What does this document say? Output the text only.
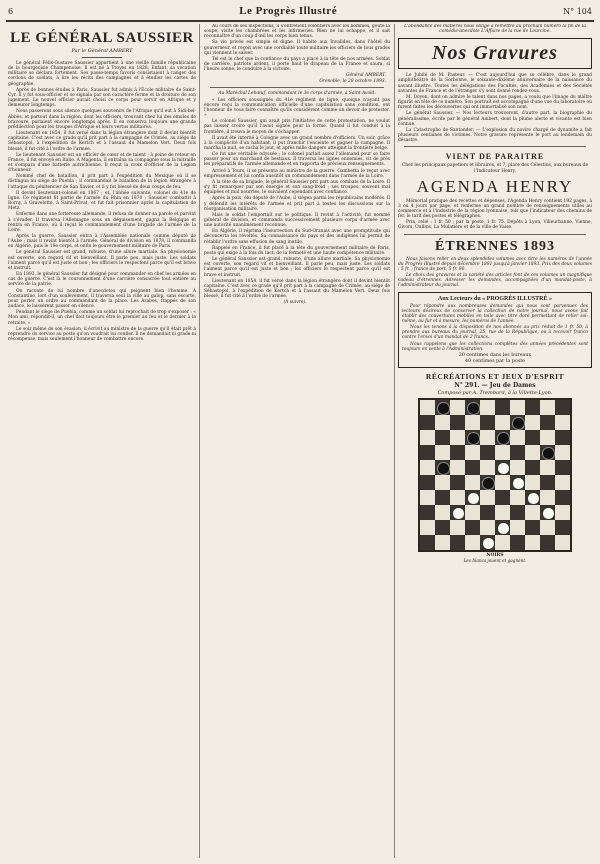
6	Le Progrès Illustré	N° 104
LE GÉNÉRAL SAUSSIER
Par le Général AMBERT

Le général Félix-Gustave Saussier appartient à une vieille famille républicaine de la bourgeoisie Champenoise. Il est né à Troyes en 1828. Enfant, sa vocation militaire se déclara fortement. Ses passe-temps favoris consistaient à ranger des cordons de soldats, à lire les récits des campagnes et à étudier les cartes de géographie.

Après de bonnes études à Paris, Saussier fut admis à l'École militaire de Saint-Cyr. Il y fut sous-officier et se signala par son caractère ferme et la droiture de son jugement. Le nouvel officier aurait choisi ce corps pour servir en Afrique et y demeurer longtemps.

Nous passerons sous silence quelques souvenirs de l'Afrique qu'il eut à Sidi-bel-Abbès, et partout dans la région, dont les officiers, trouvant chez lui des émules de bravoure, parlaient encore longtemps après. Il en conserva toujours une grande prédilection pour les troupes d'Afrique et leurs vertus militaires.

Lieutenant en 1854, il fut versé dans la légion étrangère dont il devint bientôt capitaine. C'est avec ce grade qu'il prit part à la campagne de Crimée, au siège de Sébastopol, à l'expédition de Kertch et à l'assaut du Mamelon Vert. Deux fois blessé, il fut cité à l'ordre de l'armée.

Le lieutenant Saussier est un officier de cœur et de talent ; à peine de retour en France, il fut envoyé en Italie. À Magenta, il entraîna sa compagnie sous la mitraille et s'empara d'une batterie autrichienne. Il reçut la croix d'officier de la Légion d'honneur.

Nommé chef de bataillon, il prit part à l'expédition du Mexique où il se distingua au siège de Puebla ; il commandait le bataillon de la légion étrangère à l'attaque du pénitencier de San Xavier, et il y fut blessé de deux coups de feu.

Il devint lieutenant-colonel en 1867 ; et, l'année suivante, colonel du 41e de ligne. Ce régiment fit partie de l'armée du Rhin en 1870 ; Saussier combattit à Borny, à Gravelotte, à Saint-Privat, et fut fait prisonnier après la capitulation de Metz.

Enfermé dans une forteresse allemande, il refusa de donner sa parole et parvint à s'évader. Il traversa l'Allemagne sous un déguisement, gagna la Belgique et rentra en France, où il reçut le commandement d'une brigade de l'armée de la Loire.

Après la guerre, Saussier entra à l'Assemblée nationale comme député de l'Aube ; mais il revint bientôt à l'armée. Général de division en 1878, il commanda en Algérie, puis le 19e corps, et enfin le gouvernement militaire de Paris.

Le général Saussier est grand, robuste, d'une allure martiale. Sa physionomie est ouverte, son regard vif et bienveillant. Il parle peu, mais juste. Les soldats l'aiment parce qu'il est juste et bon ; les officiers le respectent parce qu'il est brave et instruit.

En 1892, le général Saussier fut désigné pour commander en chef les armées en cas de guerre. C'est là le couronnement d'une carrière consacrée tout entière au service de la patrie.

On raconte de lui nombre d'anecdotes qui peignent bien l'homme. À Constantine, lors d'un soulèvement, il traversa seul la ville au galop, sans escorte, pour porter un ordre au commandant de la place. Les Arabes, frappés de son audace, le laissèrent passer en silence.

Pendant le siège de Puebla, comme un soldat lui reprochait de trop s'exposer : « Mon ami, répondit-il, un chef doit toujours être le premier au feu et le dernier à la retraite. »

Le soir même de son évasion, il écrivit au ministre de la guerre qu'il était prêt à reprendre du service au poste qu'on voudrait lui confier. Il ne demandait ni grade ni récompense, mais seulement l'honneur de combattre encore.

Au cours de ses inspections, il s'entretient volontiers avec les hommes, goûte la soupe, visite les chambrées et les infirmeries. Rien ne lui échappe, et il sait reconnaître d'un coup d'œil les corps bien tenus.

Sa vie privée est simple et digne. Il habite aux Invalides, dans l'hôtel du gouverneur, et reçoit avec une cordialité toute militaire les officiers de tous grades qui viennent le saluer.

Tel est le chef que la confiance du pays a placé à la tête de nos armées. Soldat de carrière, patriote ardent, il porte haut le drapeau de la France et saura, si l'heure sonne, le conduire à la victoire.

Général AMBERT.
Grenoble, le 28 octobre 1893.

Au Maréchal Lebœuf, commandant le 3e corps d'armée, à Saint-Avold.

« Les officiers soussignés du 41e régiment de ligne, quoique n'ayant pas encore reçu la communication officielle d'une capitulation sans condition, ont l'honneur de vous faire connaître qu'ils considèrent comme un devoir de protester. »

Le colonel Saussier, qui avait pris l'initiative de cette protestation, ne voulut pas laisser croire qu'il l'avait signée pour la forme. Quand il fut conduit à la frontière, il trouva le moyen de s'échapper.

Il avait été interné à Cologne avec un grand nombre d'officiers. Un soir, grâce à la complicité d'un habitant, il put franchir l'enceinte et gagner la campagne. Il marcha la nuit, se cacha le jour, et après mille dangers atteignit la frontière belge.

Ce fut une véritable odyssée ; le colonel parlait assez l'allemand pour se faire passer pour un marchand de bestiaux. Il traversa les lignes ennemies, vit de près les préparatifs de l'armée allemande et en rapporta de précieux renseignements.

Arrivé à Tours, il se présenta au ministre de la guerre. Gambetta le reçut avec empressement et lui confia aussitôt un commandement dans l'armée de la Loire.

À la tête de sa brigade, le général Saussier prit part aux combats de la Loire. Il s'y fit remarquer par son énergie et son sang-froid ; ses troupes, souvent mal équipées et mal nourries, le suivaient cependant avec confiance.

Après la paix, élu député de l'Aube, il siégea parmi les républicains modérés. Il y défendit les intérêts de l'armée et prit part à toutes les discussions sur la réorganisation militaire.

Mais le soldat l'emportait sur le politique. Il revint à l'activité, fut nommé général de division, et commanda successivement plusieurs corps d'armée avec une autorité unanimement reconnue.

En Algérie, il réprima l'insurrection du Sud-Oranais avec une promptitude qui déconcerta les révoltés. Sa connaissance du pays et des indigènes lui permit de rétablir l'ordre sans effusion de sang inutile.

Rappelé en France, il fut placé à la tête du gouvernement militaire de Paris, poste qui exige à la fois du tact, de la fermeté et une haute compétence militaire.

Le général Saussier est grand, robuste, d'une allure martiale. Sa physionomie est ouverte, son regard vif et bienveillant. Il parle peu, mais juste. Les soldats l'aiment parce qu'il est juste et bon ; les officiers le respectent parce qu'il est brave et instruit.

Lieutenant en 1854, il fut versé dans la légion étrangère dont il devint bientôt capitaine. C'est avec ce grade qu'il prit part à la campagne de Crimée, au siège de Sébastopol, à l'expédition de Kertch et à l'assaut du Mamelon Vert. Deux fois blessé, il fut cité à l'ordre de l'armée.

(À suivre).

L'abondance des matières nous oblige à remettre au prochain numéro la fin de la comédie-anecdote L'Affaire de la rue de Lourcine.

Nos Gravures

Le Jubilé de M. Pasteur. — C'est aujourd'hui que se célèbre, dans le grand amphithéâtre de la Sorbonne, le soixante-dixième anniversaire de la naissance du savant illustre. Toutes les délégations des Facultés, des Académies et des Sociétés savantes de France et de l'étranger s'y sont donné rendez-vous.

M. Doyen, dont on admire le talent dans nos pages, a voulu que l'image du maître figurât en tête de ce numéro. Son portrait est accompagné d'une vue du laboratoire où furent faites les découvertes qui ont immortalisé son nom.

Le général Saussier. — Nos lecteurs trouveront, d'autre part, la biographie du généralissime, écrite par le général Ambert, dont la plume alerte et vivante est bien connue.

La Catastrophe de Santander. — L'explosion du navire chargé de dynamite a fait plusieurs centaines de victimes. Notre gravure représente le port au lendemain du désastre.

VIENT DE PARAITRE

Chez les principaux papetiers et libraires, et 7, place des Célestins, aux bureaux de l'Indicateur Henry,

AGENDA HENRY

Mémorial pratique des recettes et dépenses, l'Agenda Henry contient 192 pages, à 3 ou 4 jours par page, et renferme un grand nombre de renseignements utiles au commerce et à l'industrie de la région lyonnaise, tels que l'indicateur des chemins de fer, le tarif des postes et télégraphes.

Prix, relié : 1 fr. 50 ; par la poste, 1 fr. 75. Dépôts à Lyon, Villeurbanne, Vienne, Givors, Oullins, La Mulatière et de la ville de Vaise.

ÉTRENNES 1893

Nous faisons relier en deux splendides volumes avec titre les numéros de l'année du Progrès Illustré depuis décembre 1891 jusqu'à janvier 1893. Prix des deux volumes : 5 fr. ; franco de port, 5 fr. 90.

Le choix des gravures et la variété des articles font de ces volumes un magnifique cadeau d'étrennes. Adresser les demandes, accompagnées d'un mandat-poste, à l'administrateur du journal.

Aux Lecteurs du « PROGRÈS ILLUSTRÉ »

Pour répondre aux nombreuses demandes qui nous sont parvenues des lecteurs désireux de conserver la collection de notre journal, nous avons fait établir des couvertures mobiles en toile avec titre doré permettant de relier soi-même, au fur et à mesure, les numéros de l'année.

Nous les tenons à la disposition de nos abonnés au prix réduit de 1 fr. 50, à prendre aux bureaux du journal, 25, rue de la République, ou à recevoir franco contre l'envoi d'un mandat de 2 francs.

Nous rappelons que les collections complètes des années précédentes sont toujours en vente à l'Administration.

20 centimes dans les bureaux
40 centimes par la poste
RÉCRÉATIONS ET JEUX D'ESPRIT
N° 291. — Jeu de Dames
Composé par A. Trembard, à la Villette-Lyon.
NOIRS
Les blancs jouent et gagnent.
